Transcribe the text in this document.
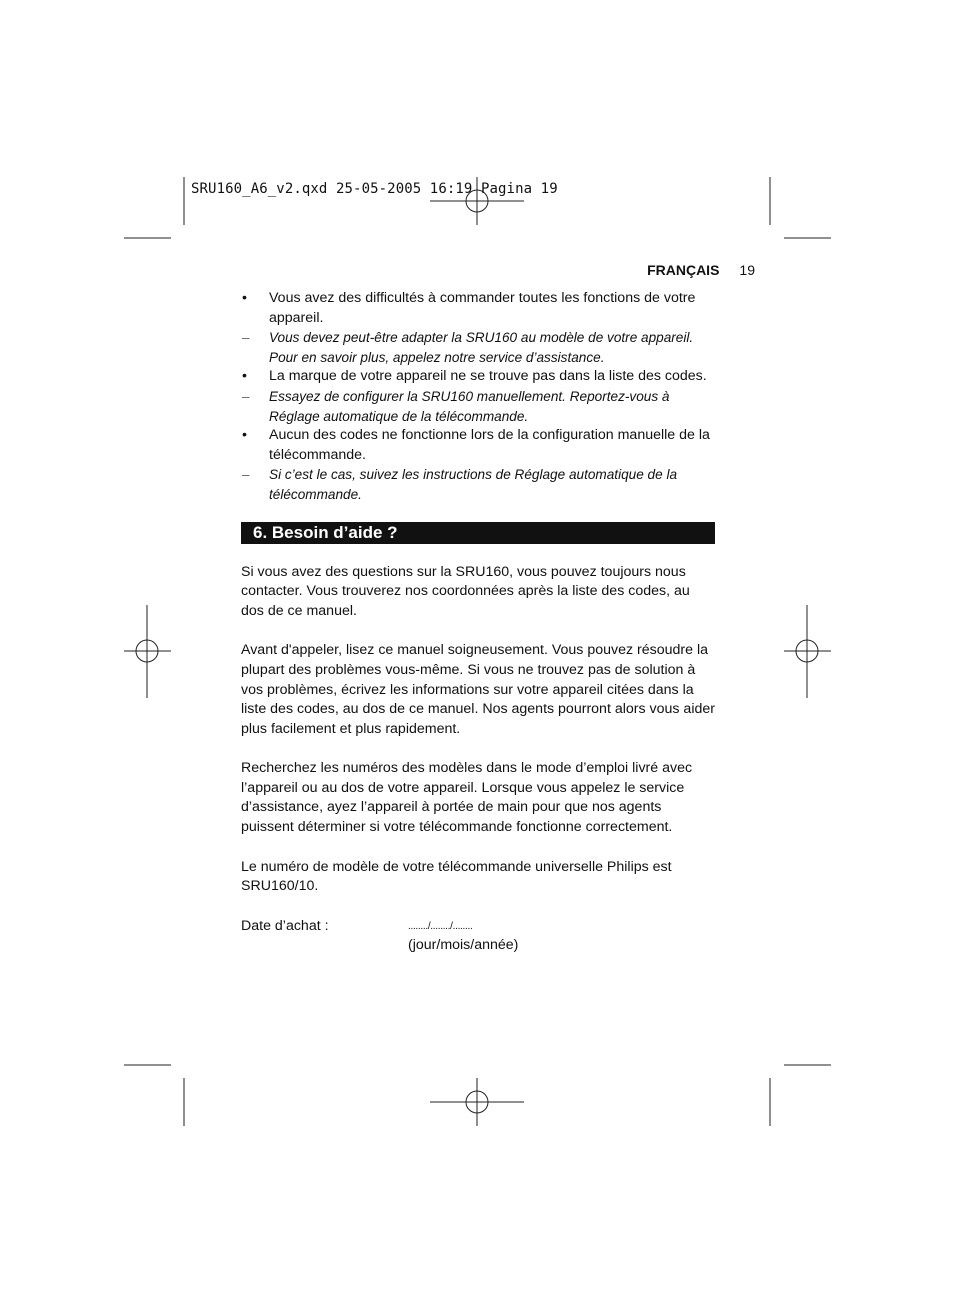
SRU160_A6_v2.qxd 25-05-2005 16:19 Pagina 19
FRANÇAIS 19
• Vous avez des difficultés à commander toutes les fonctions de votre appareil.
– Vous devez peut-être adapter la SRU160 au modèle de votre appareil. Pour en savoir plus, appelez notre service d’assistance.
• La marque de votre appareil ne se trouve pas dans la liste des codes.
– Essayez de configurer la SRU160 manuellement. Reportez-vous à Réglage automatique de la télécommande.
• Aucun des codes ne fonctionne lors de la configuration manuelle de la télécommande.
– Si c’est le cas, suivez les instructions de Réglage automatique de la télécommande.
6. Besoin d’aide ?

Si vous avez des questions sur la SRU160, vous pouvez toujours nous contacter. Vous trouverez nos coordonnées après la liste des codes, au dos de ce manuel.

Avant d'appeler, lisez ce manuel soigneusement. Vous pouvez résoudre la plupart des problèmes vous-même. Si vous ne trouvez pas de solution à vos problèmes, écrivez les informations sur votre appareil citées dans la liste des codes, au dos de ce manuel. Nos agents pourront alors vous aider plus facilement et plus rapidement.

Recherchez les numéros des modèles dans le mode d’emploi livré avec l’appareil ou au dos de votre appareil. Lorsque vous appelez le service d’assistance, ayez l’appareil à portée de main pour que nos agents puissent déterminer si votre télécommande fonctionne correctement.

Le numéro de modèle de votre télécommande universelle Philips est SRU160/10.

Date d’achat :	......../......../........
(jour/mois/année)
